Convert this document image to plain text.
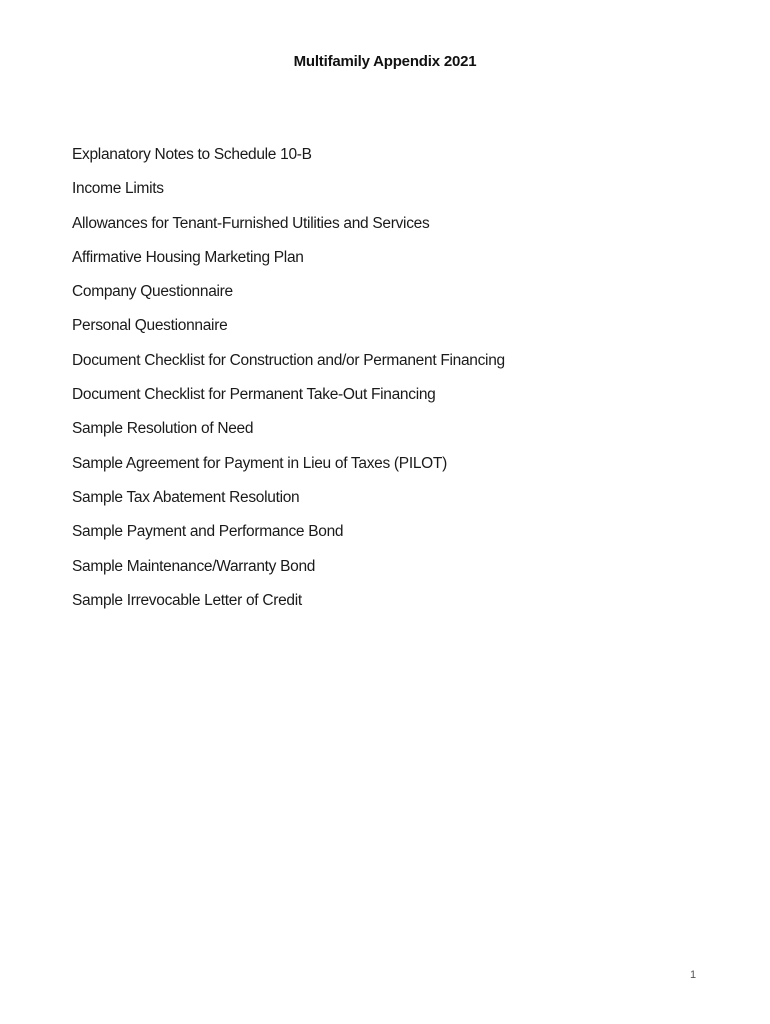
Multifamily Appendix 2021
Explanatory Notes to Schedule 10-B
Income Limits
Allowances for Tenant-Furnished Utilities and Services
Affirmative Housing Marketing Plan
Company Questionnaire
Personal Questionnaire
Document Checklist for Construction and/or Permanent Financing
Document Checklist for Permanent Take-Out Financing
Sample Resolution of Need
Sample Agreement for Payment in Lieu of Taxes (PILOT)
Sample Tax Abatement Resolution
Sample Payment and Performance Bond
Sample Maintenance/Warranty Bond
Sample Irrevocable Letter of Credit
1
